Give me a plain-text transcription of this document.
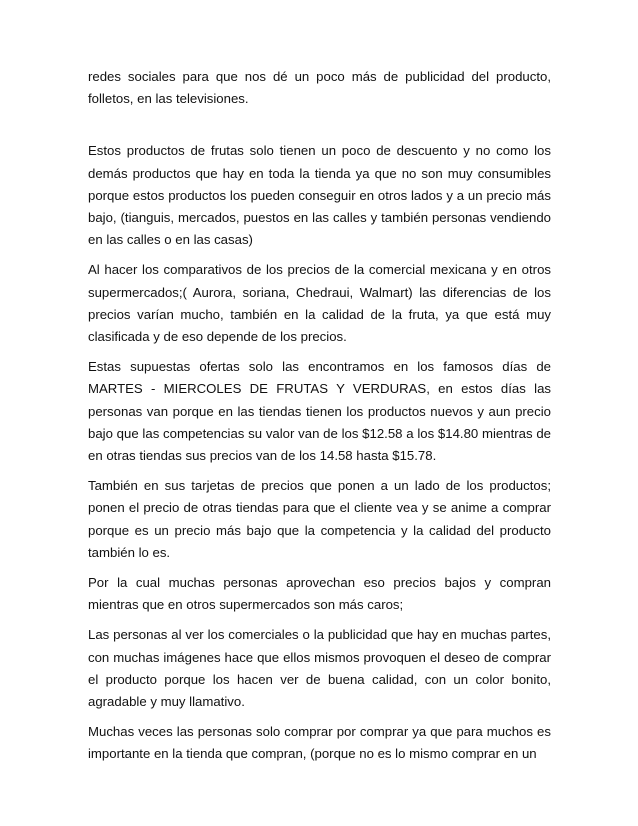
redes sociales para que nos dé un poco más de publicidad del producto, folletos, en las televisiones.

Estos productos de frutas solo tienen un poco de descuento y no como los demás productos que hay en toda la tienda ya que no son muy consumibles porque estos productos los pueden conseguir en otros lados y a un precio más bajo, (tianguis, mercados, puestos en las calles y también personas vendiendo en las calles o en las casas)

Al hacer los comparativos de los precios de la comercial mexicana y en otros supermercados;( Aurora, soriana, Chedraui, Walmart) las diferencias de los precios varían mucho, también en la calidad de la fruta, ya que está muy clasificada y de eso depende de los precios.

Estas supuestas ofertas solo las encontramos en los famosos días de MARTES - MIERCOLES DE FRUTAS Y VERDURAS, en estos días las personas van porque en las tiendas tienen los productos nuevos y aun precio bajo que las competencias su valor van de los $12.58 a los $14.80 mientras de en otras tiendas sus precios van de los 14.58 hasta $15.78.

También en sus tarjetas de precios que ponen a un lado de los productos; ponen el precio de otras tiendas para que el cliente vea y se anime a comprar porque es un precio más bajo que la competencia y la calidad del producto también lo es.

Por la cual muchas personas aprovechan eso precios bajos y compran mientras que en otros supermercados son más caros;

Las personas al ver los comerciales o la publicidad que hay en muchas partes, con muchas imágenes hace que ellos mismos provoquen el deseo de comprar el producto porque los hacen ver de buena calidad, con un color bonito, agradable y muy llamativo.

Muchas veces las personas solo comprar por comprar ya que para muchos es importante en la tienda que compran, (porque no es lo mismo comprar en un
